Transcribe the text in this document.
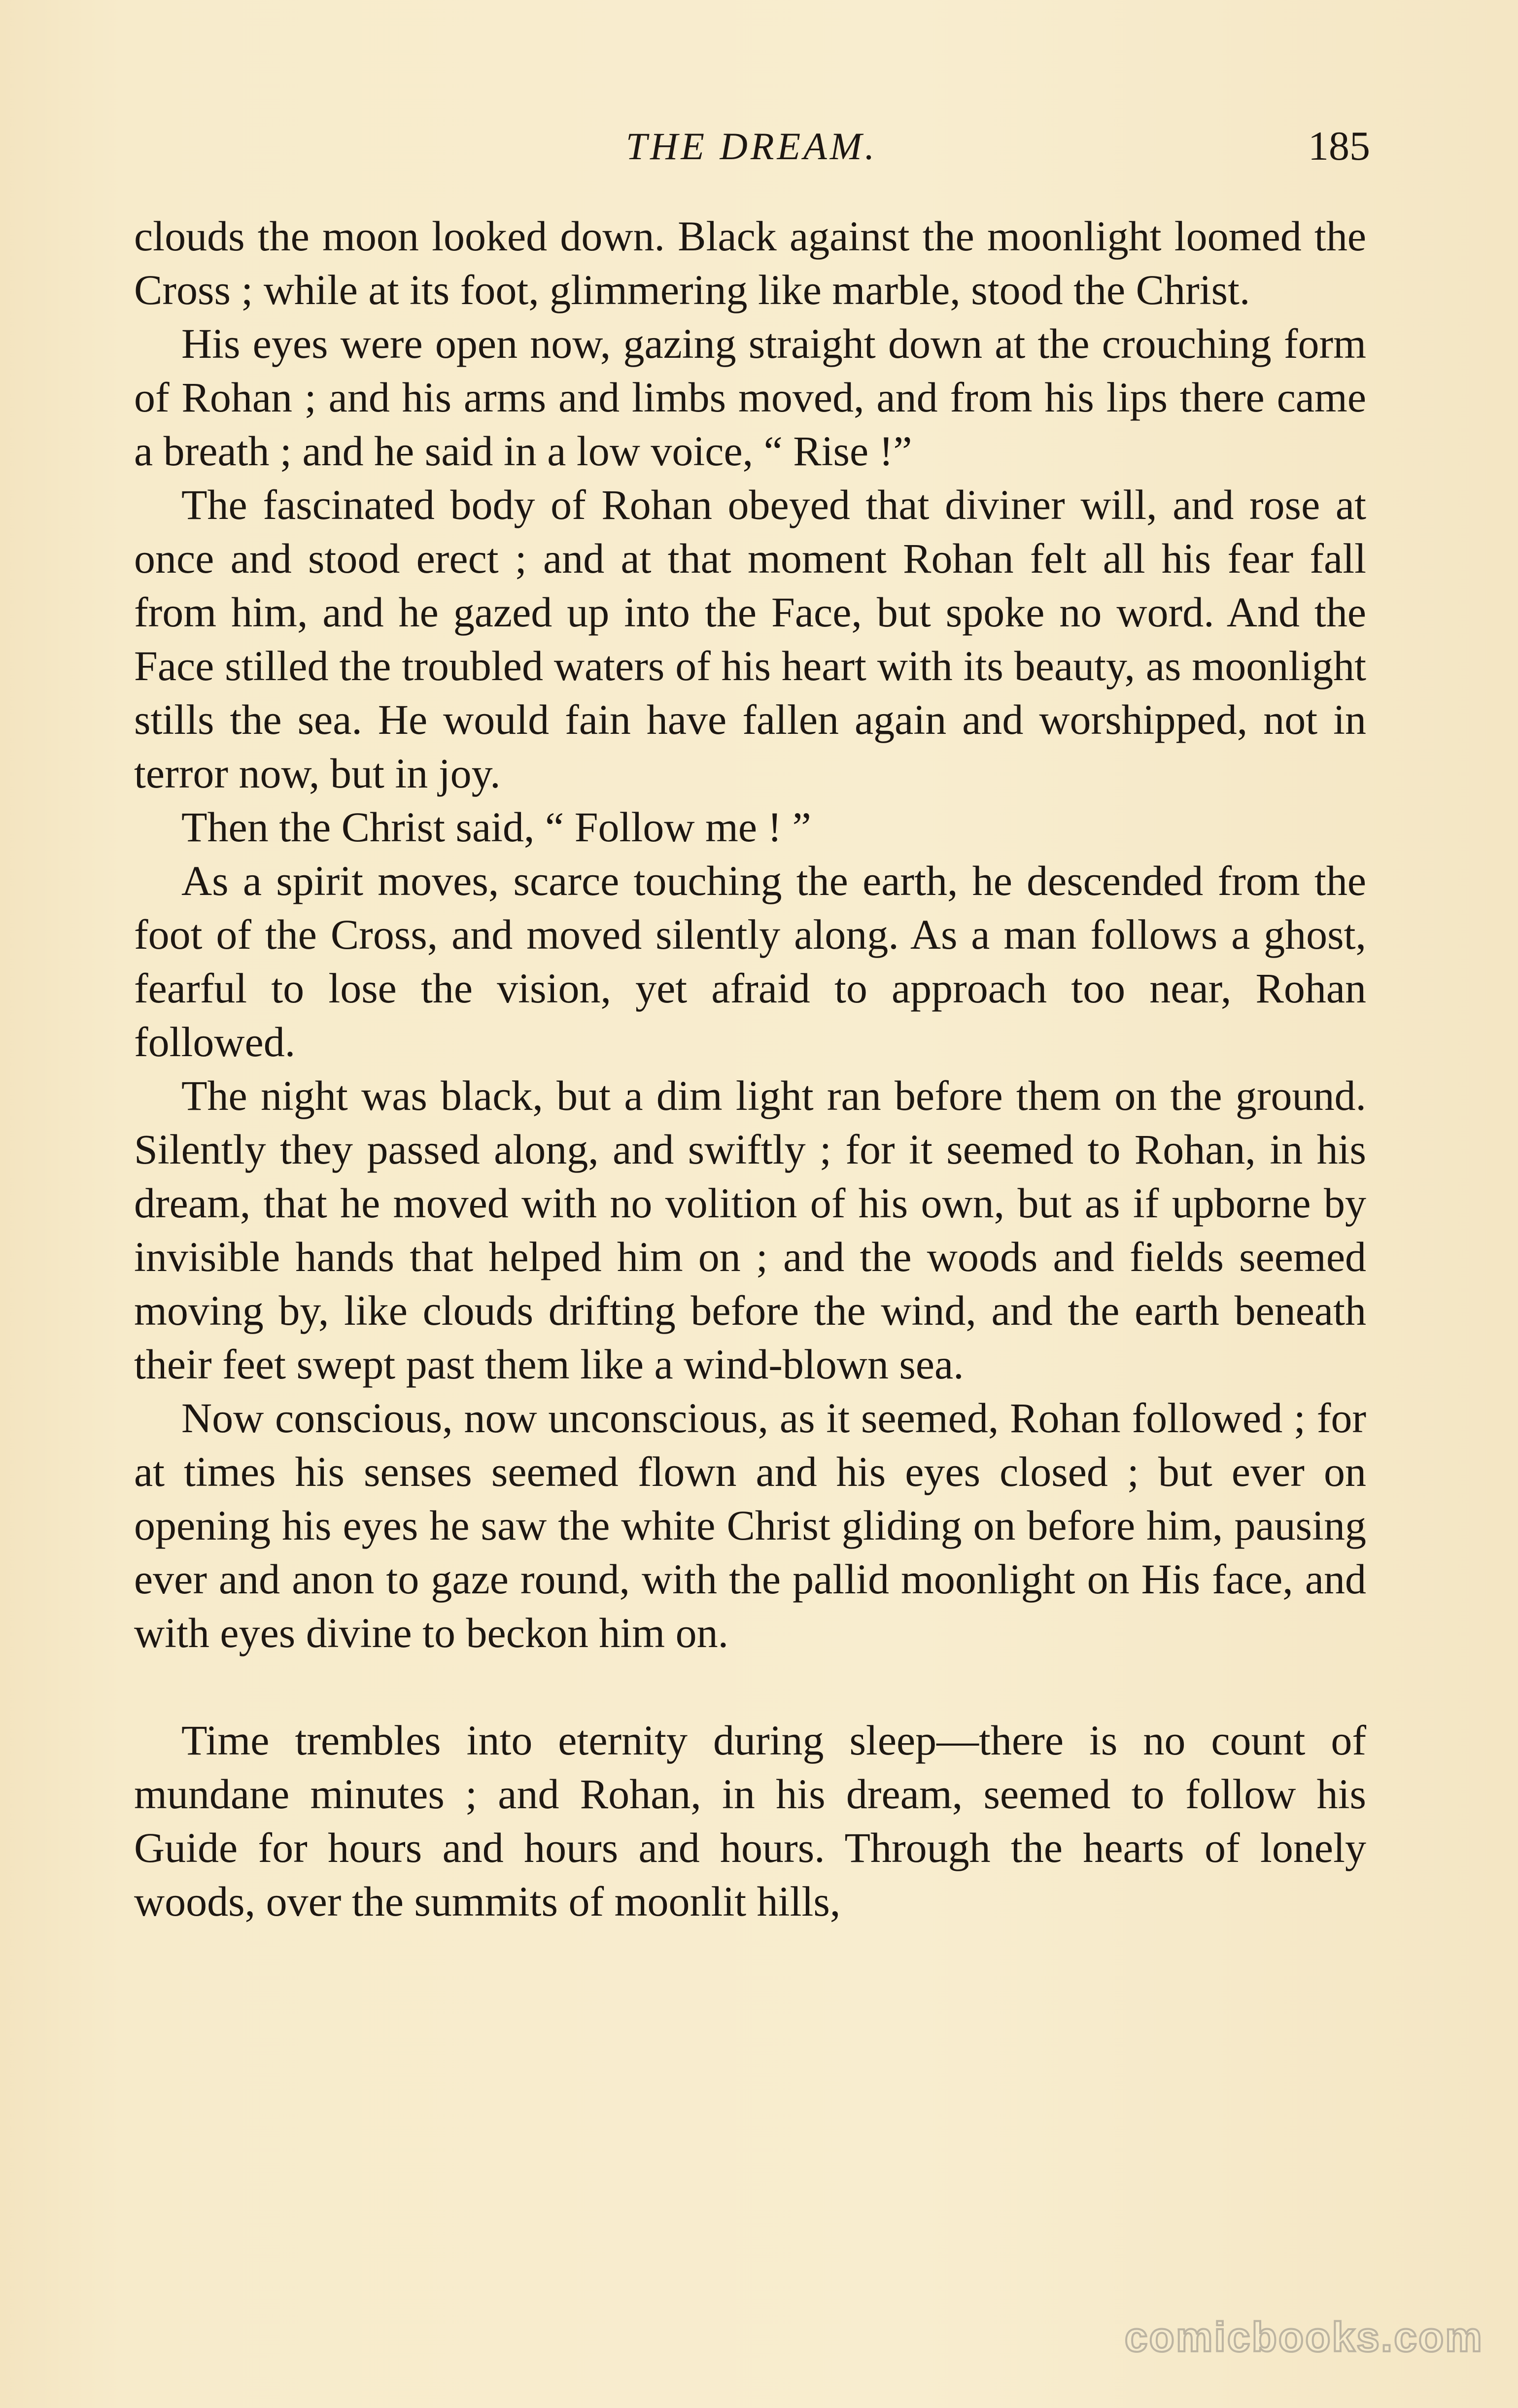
THE DREAM.	185

clouds the moon looked down. Black against the moonlight loomed the Cross ; while at its foot, glimmering like marble, stood the Christ.

His eyes were open now, gazing straight down at the crouching form of Rohan ; and his arms and limbs moved, and from his lips there came a breath ; and he said in a low voice, “ Rise !”

The fascinated body of Rohan obeyed that diviner will, and rose at once and stood erect ; and at that moment Rohan felt all his fear fall from him, and he gazed up into the Face, but spoke no word. And the Face stilled the troubled waters of his heart with its beauty, as moonlight stills the sea. He would fain have fallen again and worshipped, not in terror now, but in joy.

Then the Christ said, “ Follow me ! ”

As a spirit moves, scarce touching the earth, he descended from the foot of the Cross, and moved silently along. As a man follows a ghost, fearful to lose the vision, yet afraid to approach too near, Rohan followed.

The night was black, but a dim light ran before them on the ground. Silently they passed along, and swiftly ; for it seemed to Rohan, in his dream, that he moved with no volition of his own, but as if upborne by invisible hands that helped him on ; and the woods and fields seemed moving by, like clouds drifting before the wind, and the earth beneath their feet swept past them like a wind-blown sea.

Now conscious, now unconscious, as it seemed, Rohan followed ; for at times his senses seemed flown and his eyes closed ; but ever on opening his eyes he saw the white Christ gliding on before him, pausing ever and anon to gaze round, with the pallid moonlight on His face, and with eyes divine to beckon him on.

Time trembles into eternity during sleep—there is no count of mundane minutes ; and Rohan, in his dream, seemed to follow his Guide for hours and hours and hours. Through the hearts of lonely woods, over the summits of moonlit hills,

comicbooks.com
